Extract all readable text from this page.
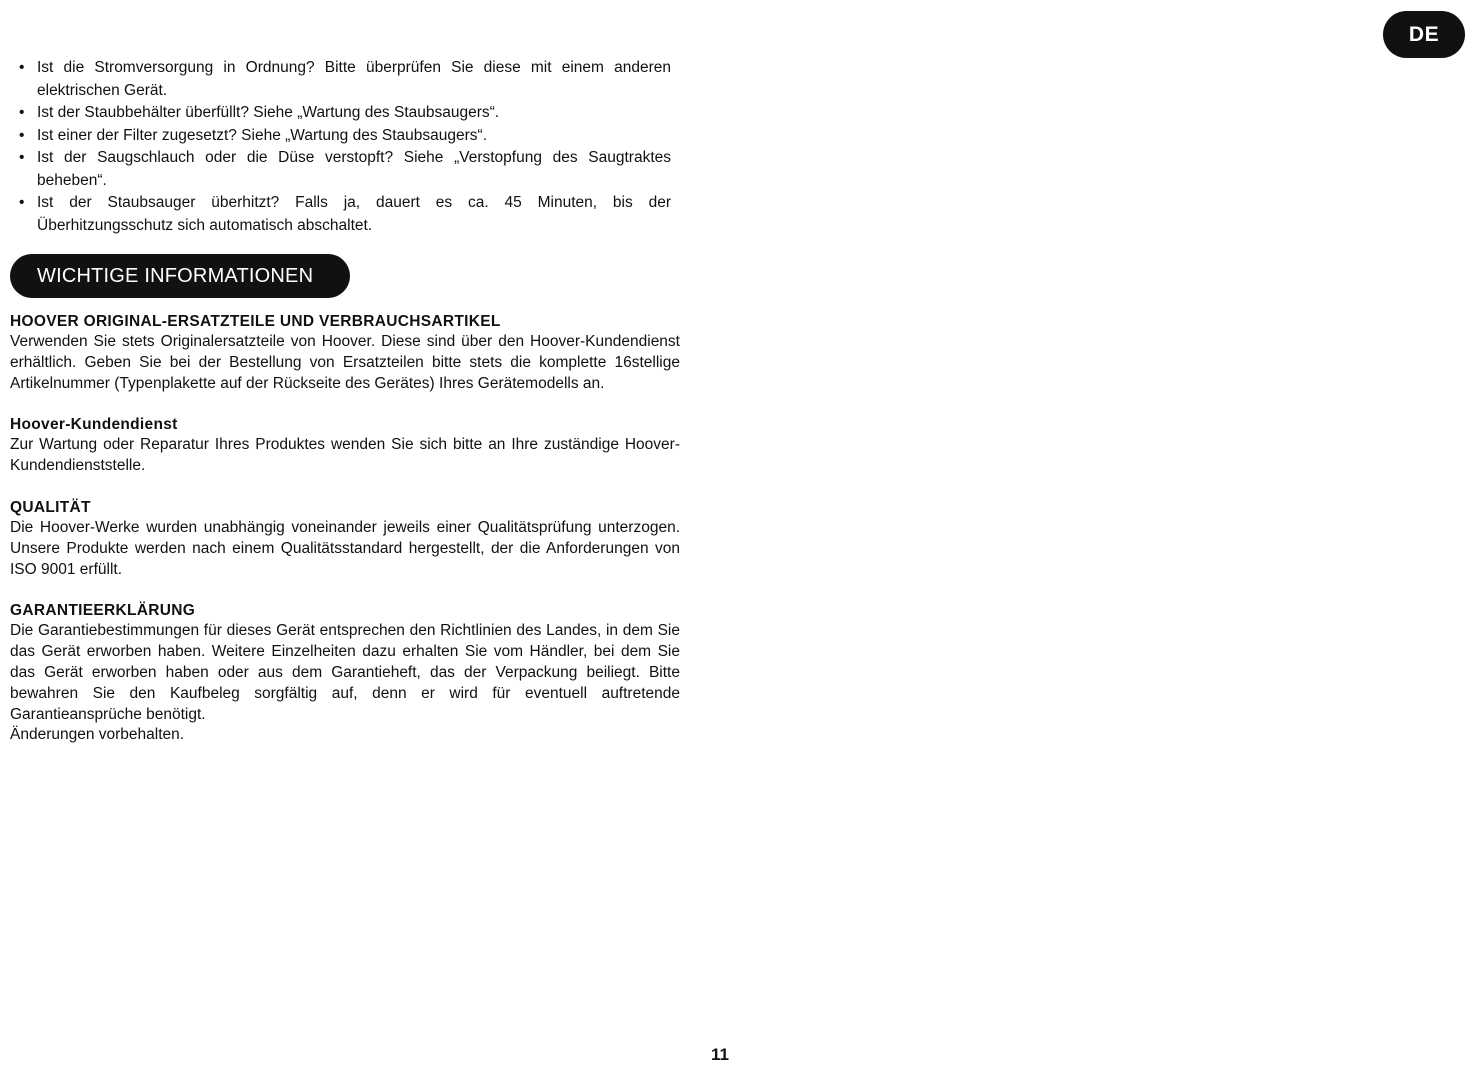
DE
• Ist die Stromversorgung in Ordnung? Bitte überprüfen Sie diese mit einem anderen elektrischen Gerät.
• Ist der Staubbehälter überfüllt? Siehe „Wartung des Staubsaugers“.
• Ist einer der Filter zugesetzt? Siehe „Wartung des Staubsaugers“.
• Ist der Saugschlauch oder die Düse verstopft? Siehe „Verstopfung des Saugtraktes beheben“.
• Ist der Staubsauger überhitzt? Falls ja, dauert es ca. 45 Minuten, bis der Überhitzungsschutz sich automatisch abschaltet.
WICHTIGE INFORMATIONEN
HOOVER ORIGINAL-ERSATZTEILE UND VERBRAUCHSARTIKEL

Verwenden Sie stets Originalersatzteile von Hoover. Diese sind über den Hoover-Kundendienst erhältlich. Geben Sie bei der Bestellung von Ersatzteilen bitte stets die komplette 16stellige Artikelnummer (Typenplakette auf der Rückseite des Gerätes) Ihres Gerätemodells an.

Hoover-Kundendienst

Zur Wartung oder Reparatur Ihres Produktes wenden Sie sich bitte an Ihre zuständige Hoover-Kundendienststelle.

QUALITÄT

Die Hoover-Werke wurden unabhängig voneinander jeweils einer Qualitätsprüfung unterzogen. Unsere Produkte werden nach einem Qualitätsstandard hergestellt, der die Anforderungen von ISO 9001 erfüllt.

GARANTIEERKLÄRUNG

Die Garantiebestimmungen für dieses Gerät entsprechen den Richtlinien des Landes, in dem Sie das Gerät erworben haben. Weitere Einzelheiten dazu erhalten Sie vom Händler, bei dem Sie das Gerät erworben haben oder aus dem Garantieheft, das der Verpackung beiliegt. Bitte bewahren Sie den Kaufbeleg sorgfältig auf, denn er wird für eventuell auftretende Garantieansprüche benötigt.

Änderungen vorbehalten.

11
